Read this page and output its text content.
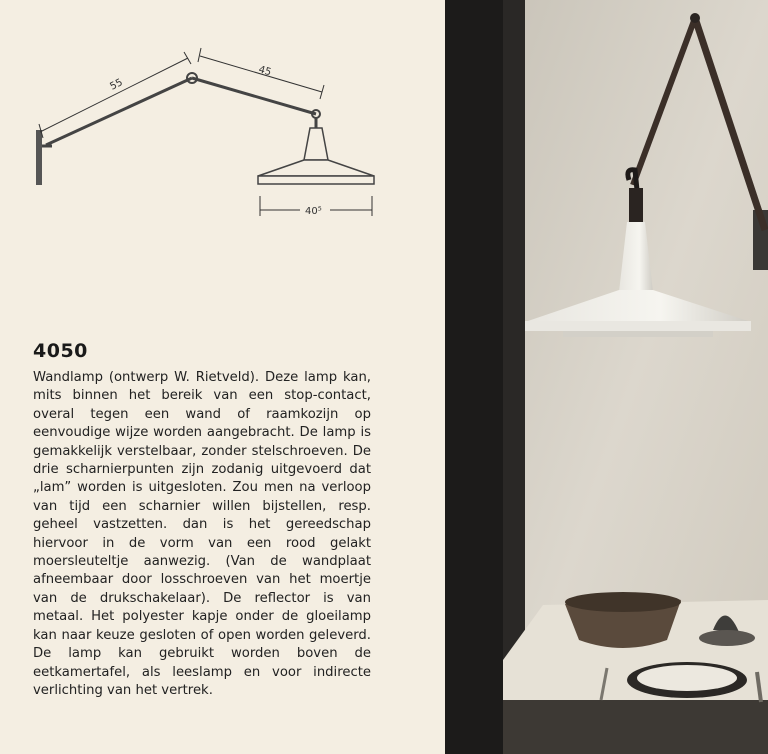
55
45
40⁵
4050

Wandlamp (ontwerp W. Rietveld). Deze lamp kan, mits binnen het bereik van een stop-contact, overal tegen een wand of raamkozijn op eenvoudige wijze worden aangebracht. De lamp is gemakkelijk verstelbaar, zonder stelschroeven. De drie scharnierpunten zijn zodanig uitgevoerd dat „lam” worden is uitgesloten. Zou men na verloop van tijd een scharnier willen bijstellen, resp. geheel vastzetten. dan is het gereedschap hiervoor in de vorm van een rood gelakt moersleuteltje aanwezig. (Van de wandplaat afneembaar door losschroeven van het moertje van de drukschakelaar). De reflector is van metaal. Het polyester kapje onder de gloeilamp kan naar keuze gesloten of open worden geleverd. De lamp kan gebruikt worden boven de eetkamertafel, als leeslamp en voor indirecte verlichting van het vertrek.
